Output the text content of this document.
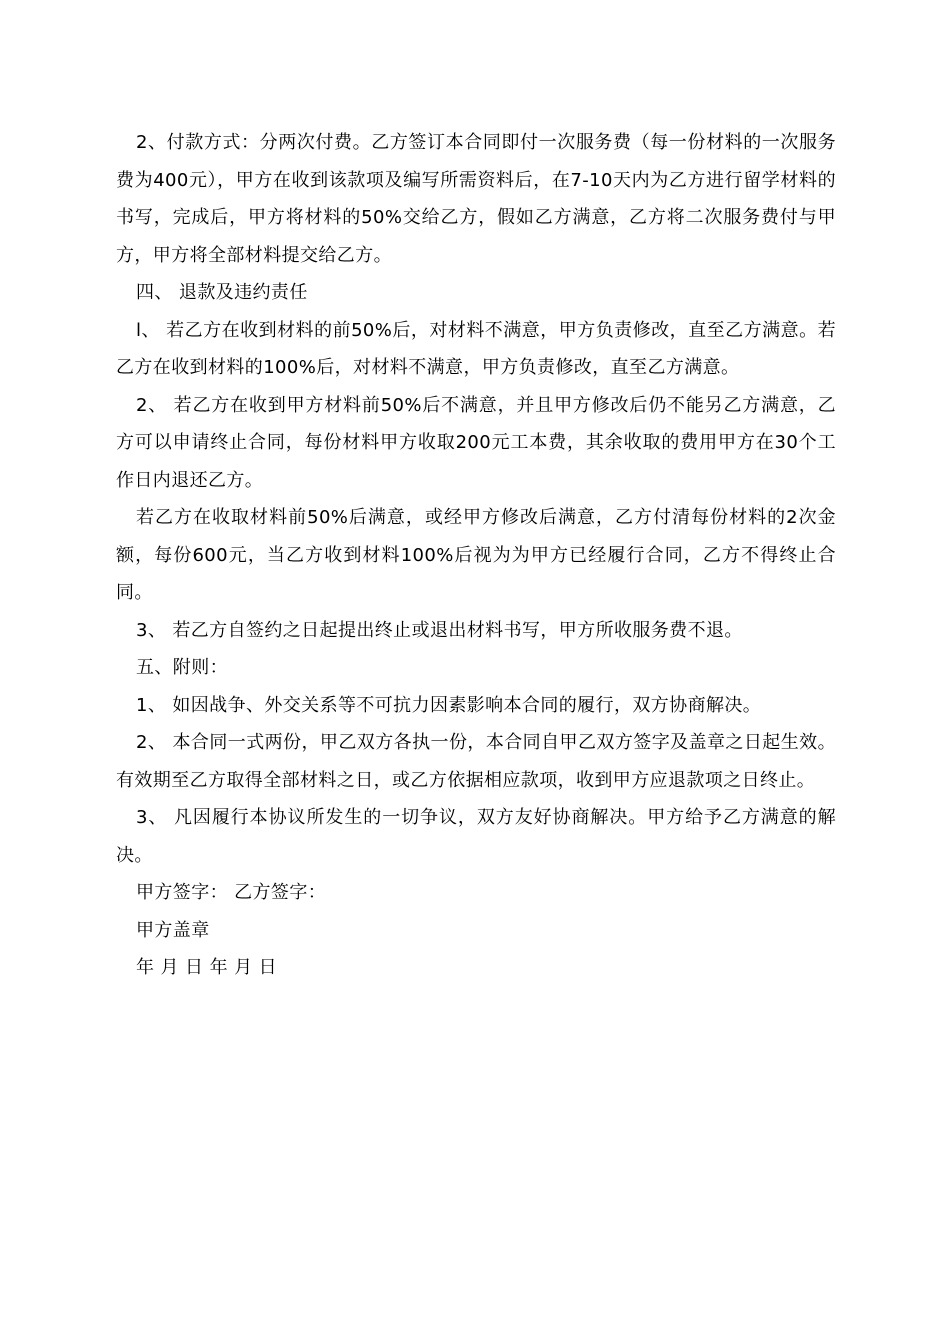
2、付款方式：分两次付费。乙方签订本合同即付一次服务费（每一份材料的一次服务费为400元），甲方在收到该款项及编写所需资料后，在7-10天内为乙方进行留学材料的书写，完成后，甲方将材料的50%交给乙方，假如乙方满意，乙方将二次服务费付与甲方，甲方将全部材料提交给乙方。

四、 退款及违约责任

l、 若乙方在收到材料的前50%后，对材料不满意，甲方负责修改，直至乙方满意。若乙方在收到材料的100%后，对材料不满意，甲方负责修改，直至乙方满意。

2、 若乙方在收到甲方材料前50%后不满意，并且甲方修改后仍不能另乙方满意，乙方可以申请终止合同，每份材料甲方收取200元工本费，其余收取的费用甲方在30个工作日内退还乙方。

若乙方在收取材料前50%后满意，或经甲方修改后满意，乙方付清每份材料的2次金额，每份600元，当乙方收到材料100%后视为为甲方已经履行合同，乙方不得终止合同。

3、 若乙方自签约之日起提出终止或退出材料书写，甲方所收服务费不退。

五、附则：

1、 如因战争、外交关系等不可抗力因素影响本合同的履行，双方协商解决。

2、 本合同一式两份，甲乙双方各执一份，本合同自甲乙双方签字及盖章之日起生效。有效期至乙方取得全部材料之日，或乙方依据相应款项，收到甲方应退款项之日终止。

3、 凡因履行本协议所发生的一切争议，双方友好协商解决。甲方给予乙方满意的解决。

甲方签字： 乙方签字：

甲方盖章

年 月 日 年 月 日
